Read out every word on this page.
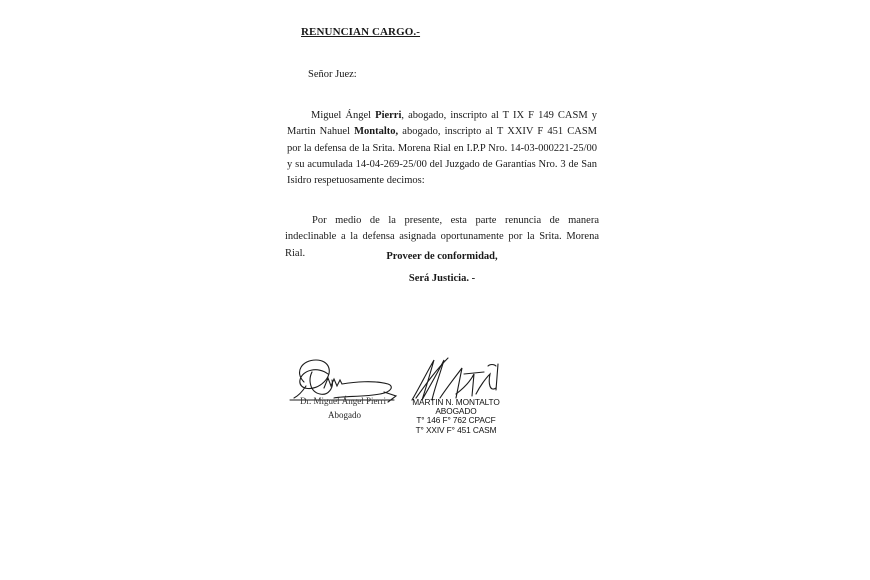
RENUNCIAN CARGO.-
Señor Juez:
Miguel Ángel Pierri, abogado, inscripto al T IX F 149 CASM y Martin Nahuel Montalto, abogado, inscripto al T XXIV F 451 CASM por la defensa de la Srita. Morena Rial en I.P.P Nro. 14-03-000221-25/00 y su acumulada 14-04-269-25/00 del Juzgado de Garantías Nro. 3 de San Isidro respetuosamente decimos:
Por medio de la presente, esta parte renuncia de manera indeclinable a la defensa asignada oportunamente por la Srita. Morena Rial.	Proveer de conformidad,
Será Justicia. -
Dr. Miguel Ángel Pierri
Abogado
MARTIN N. MONTALTO
ABOGADO
T° 146 F° 762 CPACF
T° XXIV F° 451 CASM
